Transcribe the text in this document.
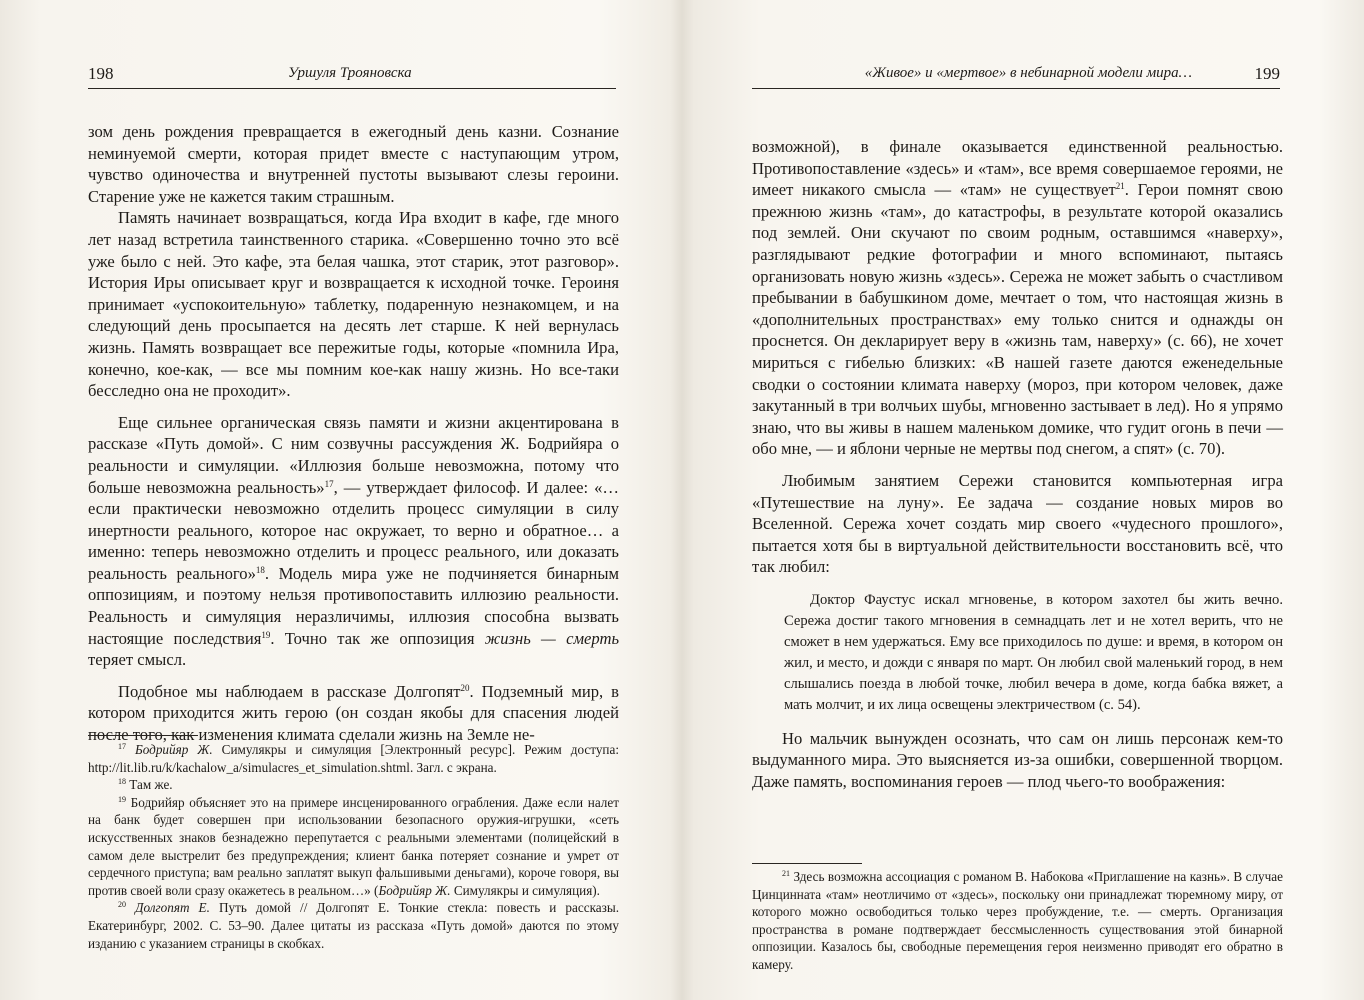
198	Уршуля Трояновска

зом день рождения превращается в ежегодный день казни. Сознание неминуемой смерти, которая придет вместе с наступающим утром, чувство одиночества и внутренней пустоты вызывают слезы героини. Старение уже не кажется таким страшным.

Память начинает возвращаться, когда Ира входит в кафе, где много лет назад встретила таинственного старика. «Совершенно точно это всё уже было с ней. Это кафе, эта белая чашка, этот старик, этот разговор». История Иры описывает круг и возвращается к исходной точке. Героиня принимает «успокоительную» таблетку, подаренную незнакомцем, и на следующий день просыпается на десять лет старше. К ней вернулась жизнь. Память возвращает все пережитые годы, которые «помнила Ира, конечно, кое-как, — все мы помним кое-как нашу жизнь. Но все-таки бесследно она не проходит».

Еще сильнее органическая связь памяти и жизни акцентирована в рассказе «Путь домой». С ним созвучны рассуждения Ж. Бодрийяра о реальности и симуляции. «Иллюзия больше невозможна, потому что больше невозможна реальность»$^{17}$, — утверждает философ. И далее: «…если практически невозможно отделить процесс симуляции в силу инертности реального, которое нас окружает, то верно и обратное… а именно: теперь невозможно отделить и процесс реального, или доказать реальность реального»$^{18}$. Модель мира уже не подчиняется бинарным оппозициям, и поэтому нельзя противопоставить иллюзию реальности. Реальность и симуляция неразличимы, иллюзия способна вызвать настоящие последствия$^{19}$. Точно так же оппозиция жизнь — смерть теряет смысл.

Подобное мы наблюдаем в рассказе Долгопят$^{20}$. Подземный мир, в котором приходится жить герою (он создан якобы для спасения людей после того, как изменения климата сделали жизнь на Земле не-

$^{17}$ Бодрийяр Ж. Симулякры и симуляция [Электронный ресурс]. Режим доступа: http://lit.lib.ru/k/kachalow_a/simulacres_et_simulation.shtml. Загл. с экрана.

$^{18}$ Там же.

$^{19}$ Бодрийяр объясняет это на примере инсценированного ограбления. Даже если налет на банк будет совершен при использовании безопасного оружия-игрушки, «сеть искусственных знаков безнадежно перепутается с реальными элементами (полицейский в самом деле выстрелит без предупреждения; клиент банка потеряет сознание и умрет от сердечного приступа; вам реально заплатят выкуп фальшивыми деньгами), короче говоря, вы против своей воли сразу окажетесь в реальном…» (Бодрийяр Ж. Симулякры и симуляция).

$^{20}$ Долгопят Е. Путь домой // Долгопят Е. Тонкие стекла: повесть и рассказы. Екатеринбург, 2002. С. 53–90. Далее цитаты из рассказа «Путь домой» даются по этому изданию с указанием страницы в скобках.

«Живое» и «мертвое» в небинарной модели мира…	199

возможной), в финале оказывается единственной реальностью. Противопоставление «здесь» и «там», все время совершаемое героями, не имеет никакого смысла — «там» не существует$^{21}$. Герои помнят свою прежнюю жизнь «там», до катастрофы, в результате которой оказались под землей. Они скучают по своим родным, оставшимся «наверху», разглядывают редкие фотографии и много вспоминают, пытаясь организовать новую жизнь «здесь». Сережа не может забыть о счастливом пребывании в бабушкином доме, мечтает о том, что настоящая жизнь в «дополнительных пространствах» ему только снится и однажды он проснется. Он декларирует веру в «жизнь там, наверху» (с. 66), не хочет мириться с гибелью близких: «В нашей газете даются еженедельные сводки о состоянии климата наверху (мороз, при котором человек, даже закутанный в три волчьих шубы, мгновенно застывает в лед). Но я упрямо знаю, что вы живы в нашем маленьком домике, что гудит огонь в печи — обо мне, — и яблони черные не мертвы под снегом, а спят» (с. 70).

Любимым занятием Сережи становится компьютерная игра «Путешествие на луну». Ее задача — создание новых миров во Вселенной. Сережа хочет создать мир своего «чудесного прошлого», пытается хотя бы в виртуальной действительности восстановить всё, что так любил:

Доктор Фаустус искал мгновенье, в котором захотел бы жить вечно. Сережа достиг такого мгновения в семнадцать лет и не хотел верить, что не сможет в нем удержаться. Ему все приходилось по душе: и время, в котором он жил, и место, и дожди с января по март. Он любил свой маленький город, в нем слышались поезда в любой точке, любил вечера в доме, когда бабка вяжет, а мать молчит, и их лица освещены электричеством (с. 54).

Но мальчик вынужден осознать, что сам он лишь персонаж кем-то выдуманного мира. Это выясняется из-за ошибки, совершенной творцом. Даже память, воспоминания героев — плод чьего-то воображения:

$^{21}$ Здесь возможна ассоциация с романом В. Набокова «Приглашение на казнь». В случае Цинцинната «там» неотличимо от «здесь», поскольку они принадлежат тюремному миру, от которого можно освободиться только через пробуждение, т.е. — смерть. Организация пространства в романе подтверждает бессмысленность существования этой бинарной оппозиции. Казалось бы, свободные перемещения героя неизменно приводят его обратно в камеру.
